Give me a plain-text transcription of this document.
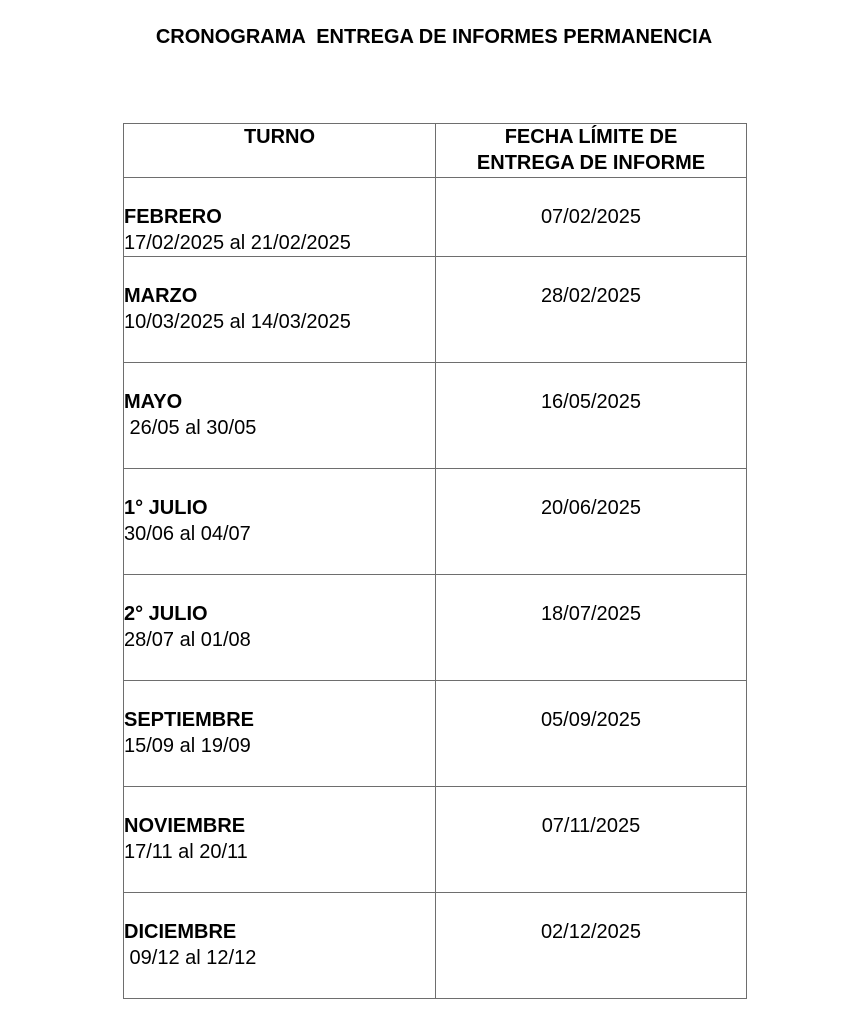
CRONOGRAMA  ENTREGA DE INFORMES PERMANENCIA
TURNO	FECHA LÍMITE DE
ENTREGA DE INFORME

FEBRERO
17/02/2025 al 21/02/2025	07/02/2025

MARZO
10/03/2025 al 14/03/2025	28/02/2025

MAYO
26/05 al 30/05	16/05/2025

1° JULIO
30/06 al 04/07	20/06/2025

2° JULIO
28/07 al 01/08	18/07/2025

SEPTIEMBRE
15/09 al 19/09	05/09/2025

NOVIEMBRE
17/11 al 20/11	07/11/2025

DICIEMBRE
09/12 al 12/12	02/12/2025
